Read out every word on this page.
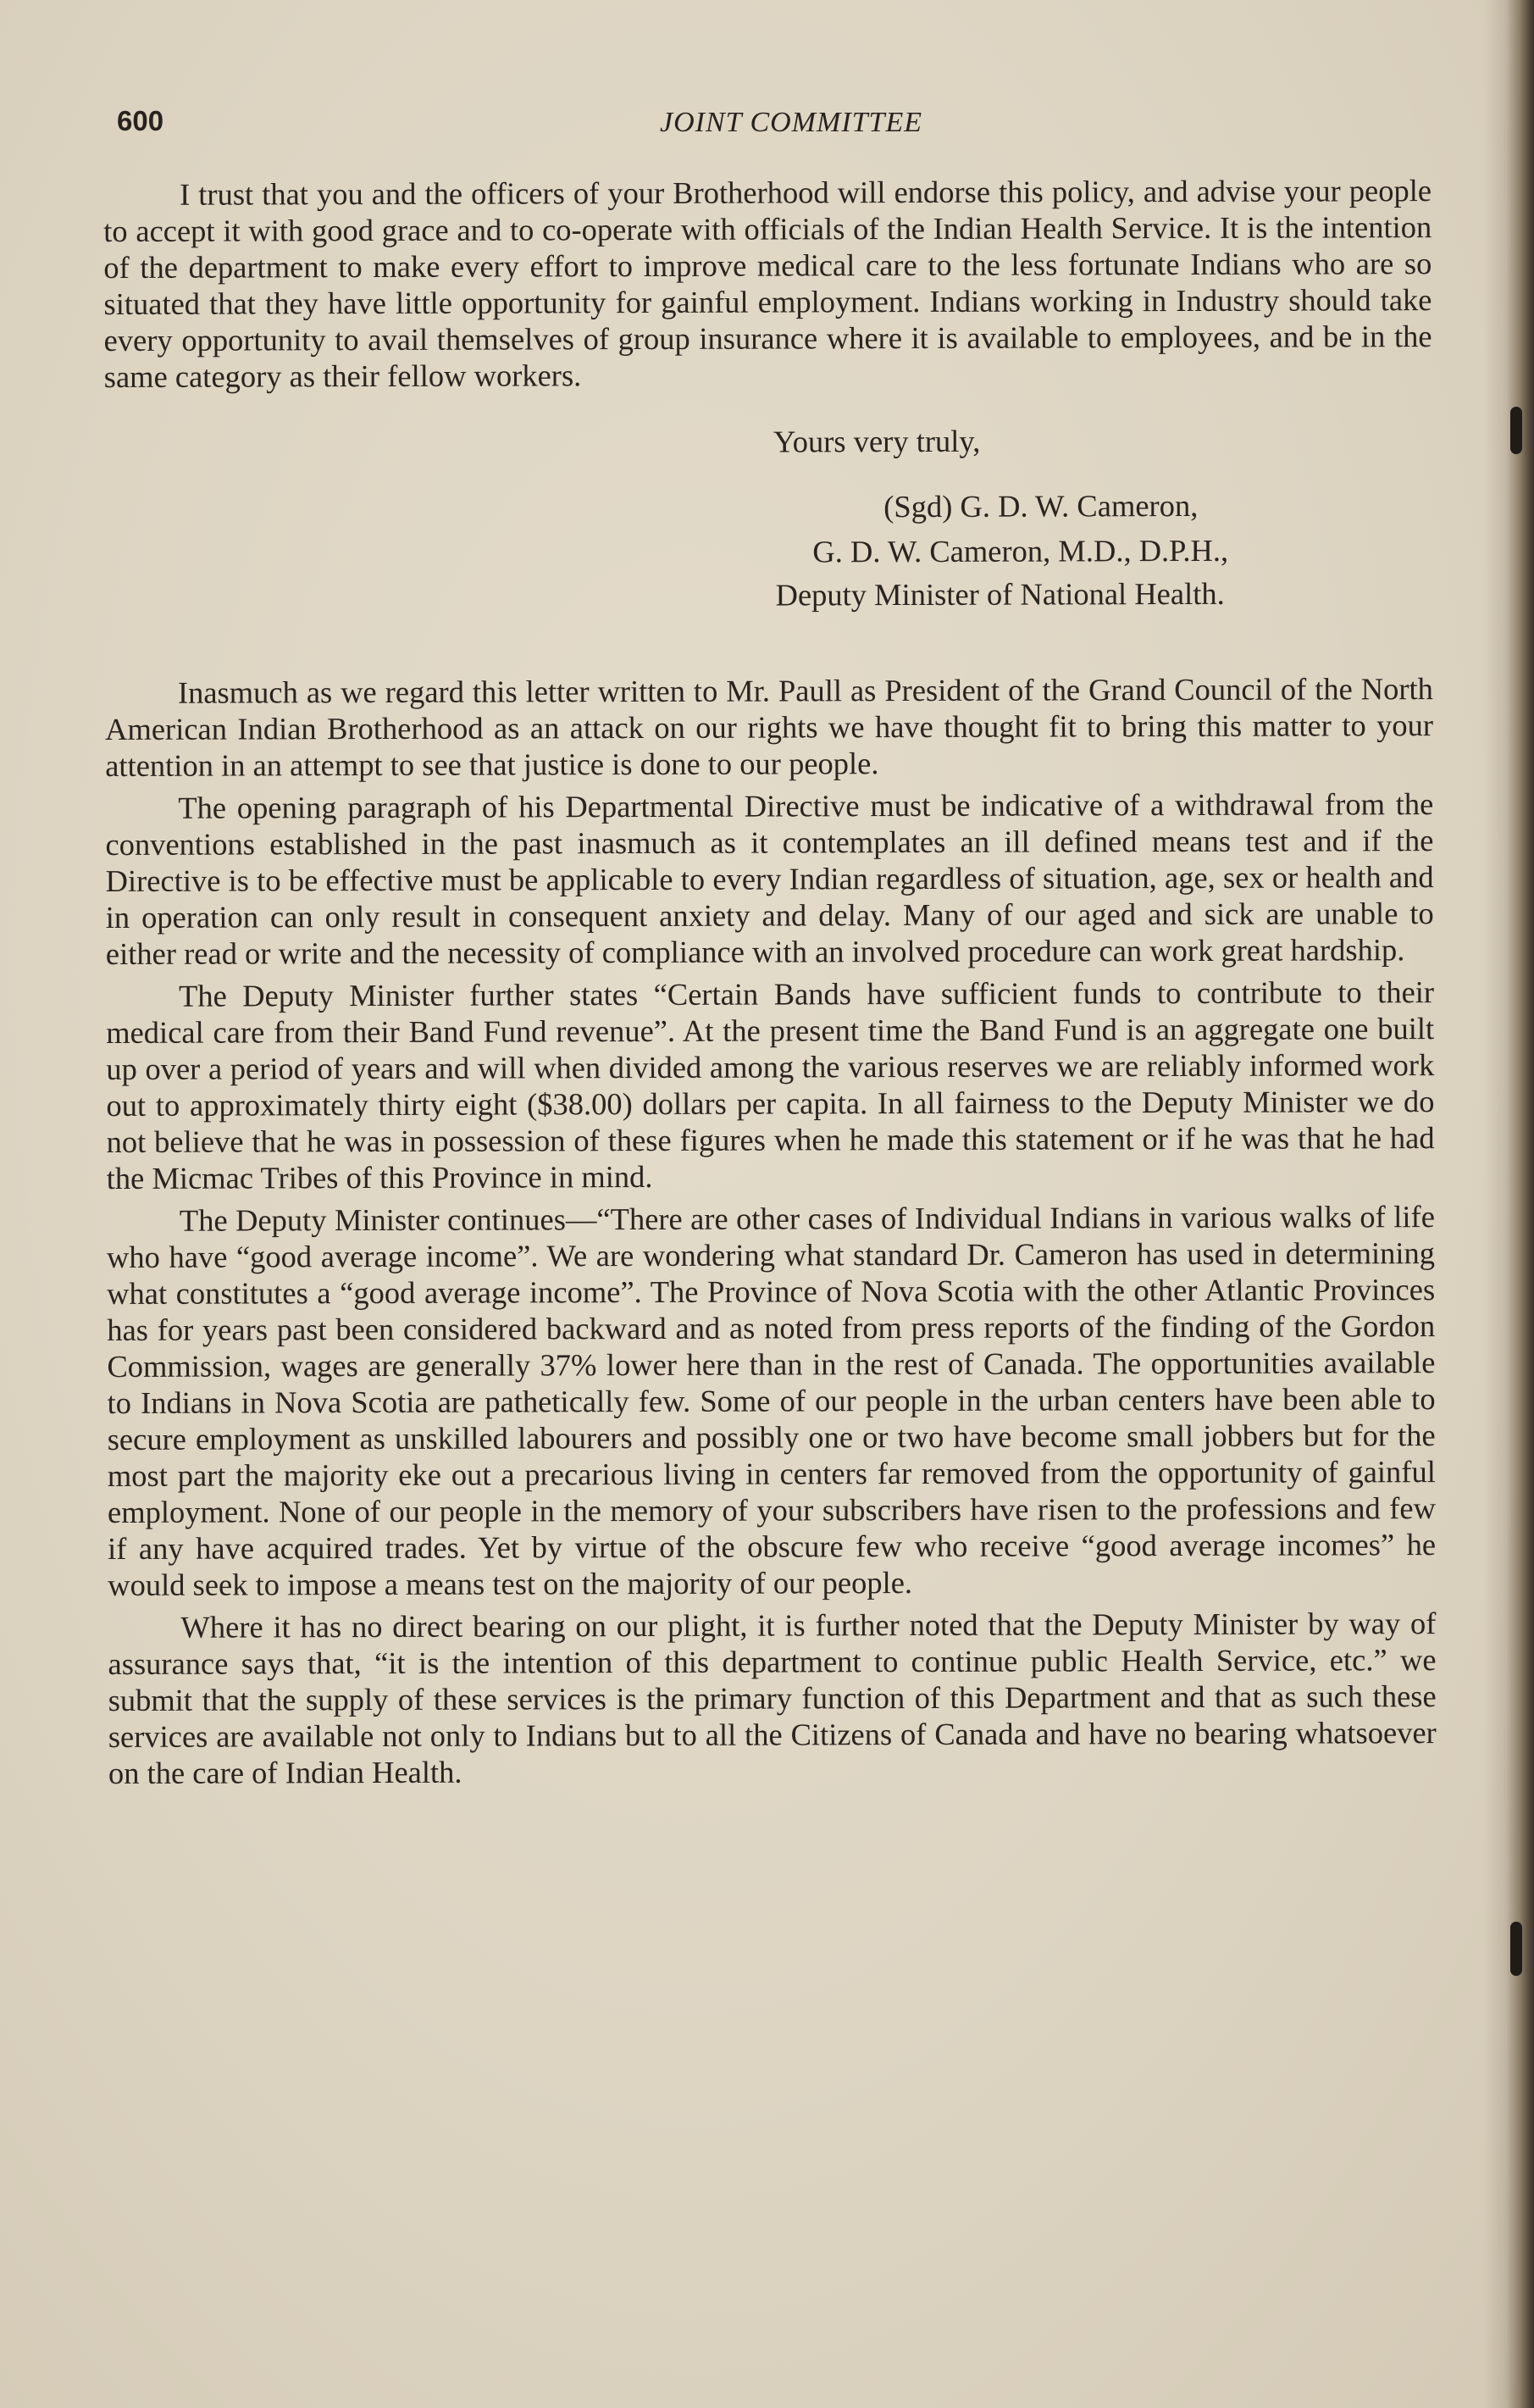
600	JOINT COMMITTEE

I trust that you and the officers of your Brotherhood will endorse this policy, and advise your people to accept it with good grace and to co-operate with officials of the Indian Health Service. It is the intention of the department to make every effort to improve medical care to the less fortunate Indians who are so situated that they have little opportunity for gainful employment. Indians working in Industry should take every opportunity to avail themselves of group insurance where it is available to employees, and be in the same category as their fellow workers.

Yours very truly,
(Sgd) G. D. W. Cameron,
G. D. W. Cameron, M.D., D.P.H.,
Deputy Minister of National Health.

Inasmuch as we regard this letter written to Mr. Paull as President of the Grand Council of the North American Indian Brotherhood as an attack on our rights we have thought fit to bring this matter to your attention in an attempt to see that justice is done to our people.

The opening paragraph of his Departmental Directive must be indicative of a withdrawal from the conventions established in the past inasmuch as it contemplates an ill defined means test and if the Directive is to be effective must be applicable to every Indian regardless of situation, age, sex or health and in operation can only result in consequent anxiety and delay. Many of our aged and sick are unable to either read or write and the necessity of compliance with an involved procedure can work great hardship.

The Deputy Minister further states “Certain Bands have sufficient funds to contribute to their medical care from their Band Fund revenue”. At the present time the Band Fund is an aggregate one built up over a period of years and will when divided among the various reserves we are reliably informed work out to approximately thirty eight ($38.00) dollars per capita. In all fairness to the Deputy Minister we do not believe that he was in possession of these figures when he made this statement or if he was that he had the Micmac Tribes of this Province in mind.

The Deputy Minister continues—“There are other cases of Individual Indians in various walks of life who have “good average income”. We are wondering what standard Dr. Cameron has used in determining what constitutes a “good average income”. The Province of Nova Scotia with the other Atlantic Provinces has for years past been considered backward and as noted from press reports of the finding of the Gordon Commission, wages are generally 37% lower here than in the rest of Canada. The opportunities available to Indians in Nova Scotia are pathetically few. Some of our people in the urban centers have been able to secure employment as unskilled labourers and possibly one or two have become small jobbers but for the most part the majority eke out a precarious living in centers far removed from the opportunity of gainful employment. None of our people in the memory of your subscribers have risen to the professions and few if any have acquired trades. Yet by virtue of the obscure few who receive “good average incomes” he would seek to impose a means test on the majority of our people.

Where it has no direct bearing on our plight, it is further noted that the Deputy Minister by way of assurance says that, “it is the intention of this department to continue public Health Service, etc.” we submit that the supply of these services is the primary function of this Department and that as such these services are available not only to Indians but to all the Citizens of Canada and have no bearing whatsoever on the care of Indian Health.
